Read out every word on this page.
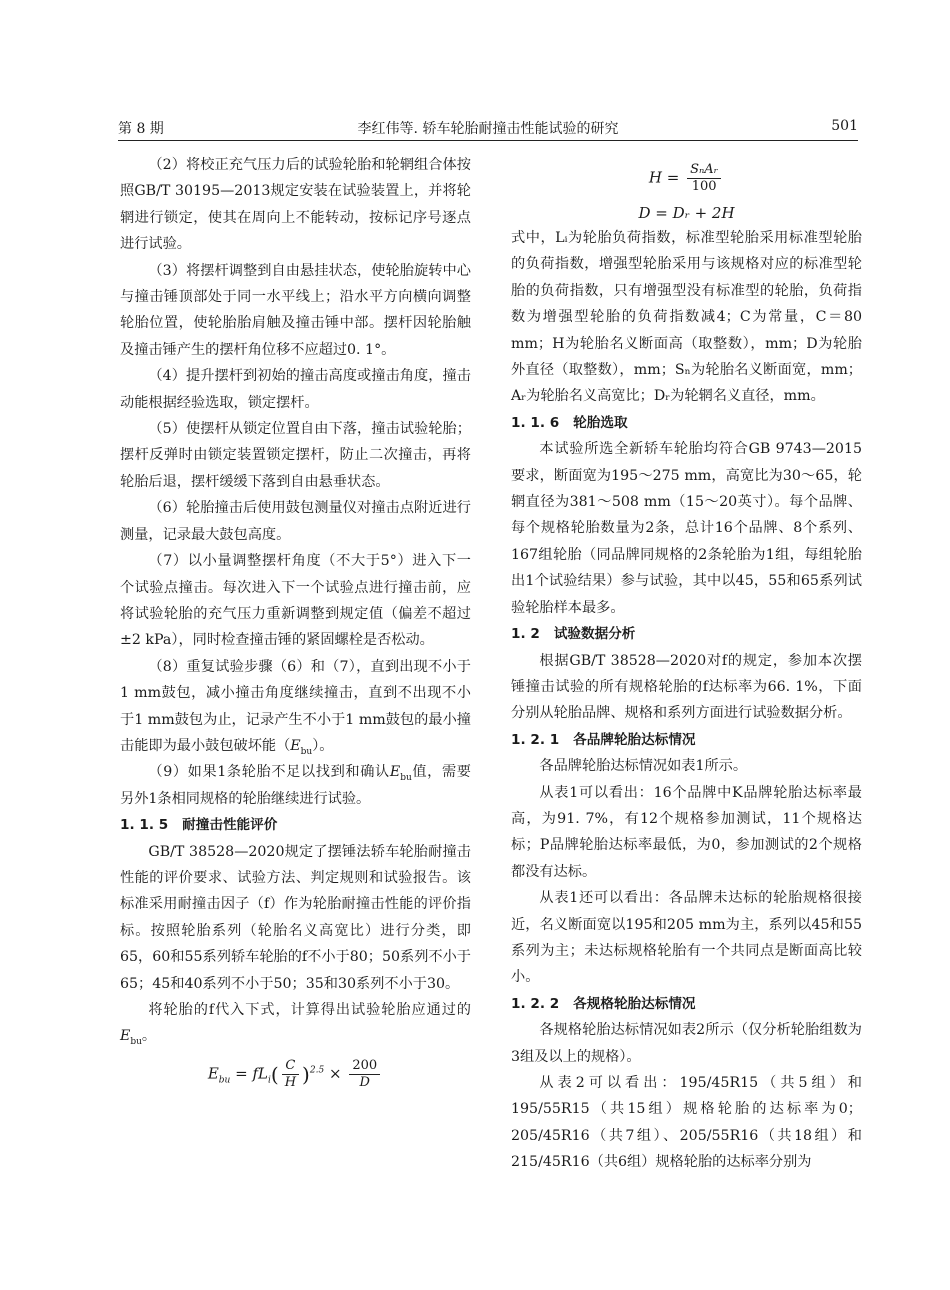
第 8 期	李红伟等. 轿车轮胎耐撞击性能试验的研究	501

（2）将校正充气压力后的试验轮胎和轮辋组合体按照GB/T 30195—2013规定安装在试验装置上，并将轮辋进行锁定，使其在周向上不能转动，按标记序号逐点进行试验。

（3）将摆杆调整到自由悬挂状态，使轮胎旋转中心与撞击锤顶部处于同一水平线上；沿水平方向横向调整轮胎位置，使轮胎胎肩触及撞击锤中部。摆杆因轮胎触及撞击锤产生的摆杆角位移不应超过0. 1°。

（4）提升摆杆到初始的撞击高度或撞击角度，撞击动能根据经验选取，锁定摆杆。

（5）使摆杆从锁定位置自由下落，撞击试验轮胎；摆杆反弹时由锁定装置锁定摆杆，防止二次撞击，再将轮胎后退，摆杆缓缓下落到自由悬垂状态。

（6）轮胎撞击后使用鼓包测量仪对撞击点附近进行测量，记录最大鼓包高度。

（7）以小量调整摆杆角度（不大于5°）进入下一个试验点撞击。每次进入下一个试验点进行撞击前，应将试验轮胎的充气压力重新调整到规定值（偏差不超过±2 kPa），同时检查撞击锤的紧固螺栓是否松动。

（8）重复试验步骤（6）和（7），直到出现不小于1 mm鼓包，减小撞击角度继续撞击，直到不出现不小于1 mm鼓包为止，记录产生不小于1 mm鼓包的最小撞击能即为最小鼓包破坏能$(E_{bu})$。

（9）如果1条轮胎不足以找到和确认$E_{bu}$值，需要另外1条相同规格的轮胎继续进行试验。

1. 1. 5 耐撞击性能评价

GB/T 38528—2020规定了摆锤法轿车轮胎耐撞击性能的评价要求、试验方法、判定规则和试验报告。该标准采用耐撞击因子（f）作为轮胎耐撞击性能的评价指标。按照轮胎系列（轮胎名义高宽比）进行分类，即65，60和55系列轿车轮胎的f不小于80；50系列不小于65；45和40系列不小于50；35和30系列不小于30。

将轮胎的f代入下式，计算得出试验轮胎应通过的$E_{bu}$。

$E_{bu} = fL_i( \frac{C}{H} )^{2.5} \times \frac{200}{D}$
$H = \frac{\text{SₙAᵣ}}{100}$
D = Dᵣ + 2H

式中，Lᵢ为轮胎负荷指数，标准型轮胎采用标准型轮胎的负荷指数，增强型轮胎采用与该规格对应的标准型轮胎的负荷指数，只有增强型没有标准型的轮胎，负荷指数为增强型轮胎的负荷指数减4；C为常量，C＝80 mm；H为轮胎名义断面高（取整数），mm；D为轮胎外直径（取整数），mm；Sₙ为轮胎名义断面宽，mm；Aᵣ为轮胎名义高宽比；Dᵣ为轮辋名义直径，mm。

1. 1. 6 轮胎选取

本试验所选全新轿车轮胎均符合GB 9743—2015要求，断面宽为195～275 mm，高宽比为30～65，轮辋直径为381～508 mm（15～20英寸）。每个品牌、每个规格轮胎数量为2条，总计16个品牌、8个系列、167组轮胎（同品牌同规格的2条轮胎为1组，每组轮胎出1个试验结果）参与试验，其中以45，55和65系列试验轮胎样本最多。

1. 2 试验数据分析

根据GB/T 38528—2020对f的规定，参加本次摆锤撞击试验的所有规格轮胎的f达标率为66. 1%，下面分别从轮胎品牌、规格和系列方面进行试验数据分析。

1. 2. 1 各品牌轮胎达标情况

各品牌轮胎达标情况如表1所示。

从表1可以看出：16个品牌中K品牌轮胎达标率最高，为91. 7%，有12个规格参加测试，11个规格达标；P品牌轮胎达标率最低，为0，参加测试的2个规格都没有达标。

从表1还可以看出：各品牌未达标的轮胎规格很接近，名义断面宽以195和205 mm为主，系列以45和55系列为主；未达标规格轮胎有一个共同点是断面高比较小。

1. 2. 2 各规格轮胎达标情况

各规格轮胎达标情况如表2所示（仅分析轮胎组数为3组及以上的规格）。

从表2可以看出：195/45R15（共5组）和195/55R15（共15组）规格轮胎的达标率为0；205/45R16（共7组）、205/55R16（共18组）和215/45R16（共6组）规格轮胎的达标率分别为
